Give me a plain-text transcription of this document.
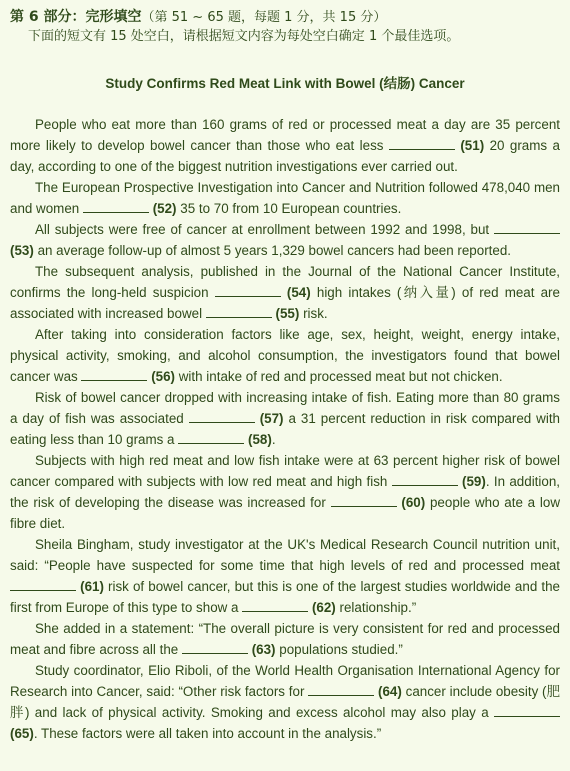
第 6 部分：完形填空（第 51 ~ 65 题，每题 1 分，共 15 分）
下面的短文有 15 处空白，请根据短文内容为每处空白确定 1 个最佳选项。
Study Confirms Red Meat Link with Bowel (结肠) Cancer

People who eat more than 160 grams of red or processed meat a day are 35 percent more likely to develop bowel cancer than those who eat less	(51) 20 grams a day, according to one of the biggest nutrition investigations ever carried out.

The European Prospective Investigation into Cancer and Nutrition followed 478,040 men and women	(52) 35 to 70 from 10 European countries.

All subjects were free of cancer at enrollment between 1992 and 1998, but  (53) an average follow-up of almost 5 years 1,329 bowel cancers had been reported.

The subsequent analysis, published in the Journal of the National Cancer Institute, confirms the long-held suspicion	(54) high intakes (纳入量) of red meat are associated with increased bowel	(55) risk.

After taking into consideration factors like age, sex, height, weight, energy intake, physical activity, smoking, and alcohol consumption, the investigators found that bowel cancer was	(56) with intake of red and processed meat but not chicken.

Risk of bowel cancer dropped with increasing intake of fish. Eating more than 80 grams a day of fish was associated	(57) a 31 percent reduction in risk compared with eating less than 10 grams a	(58).

Subjects with high red meat and low fish intake were at 63 percent higher risk of bowel cancer compared with subjects with low red meat and high fish	(59). In addition, the risk of developing the disease was increased for	(60) people who ate a low fibre diet.

Sheila Bingham, study investigator at the UK's Medical Research Council nutrition unit, said: “People have suspected for some time that high levels of red and processed meat  (61) risk of bowel cancer, but this is one of the largest studies worldwide and the first from Europe of this type to show a	(62) relationship.”

She added in a statement: “The overall picture is very consistent for red and processed meat and fibre across all the	(63) populations studied.”

Study coordinator, Elio Riboli, of the World Health Organisation International Agency for Research into Cancer, said: “Other risk factors for	(64) cancer include obesity (肥胖) and lack of physical activity. Smoking and excess alcohol may also play a  (65). These factors were all taken into account in the analysis.”
